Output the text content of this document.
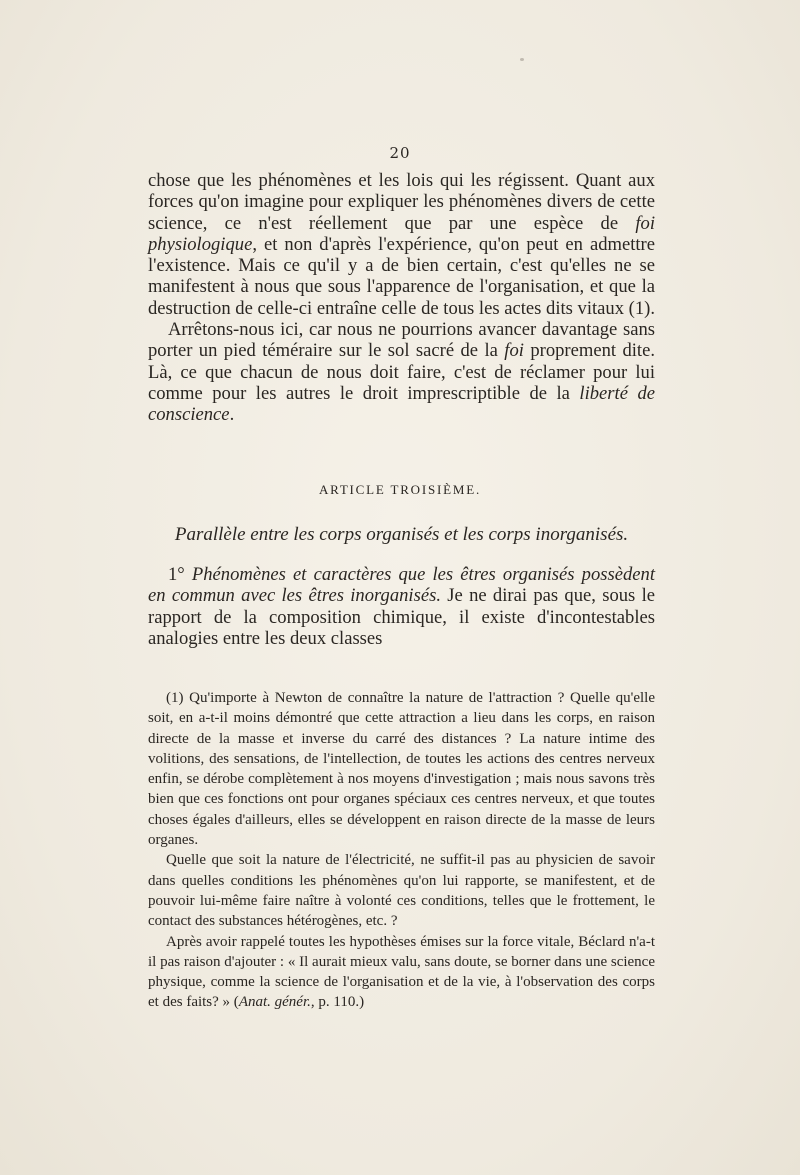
20

chose que les phénomènes et les lois qui les régissent. Quant aux forces qu'on imagine pour expliquer les phénomènes divers de cette science, ce n'est réellement que par une espèce de foi physiologique, et non d'après l'expérience, qu'on peut en admettre l'existence. Mais ce qu'il y a de bien certain, c'est qu'elles ne se manifestent à nous que sous l'apparence de l'organisation, et que la destruction de celle-ci entraîne celle de tous les actes dits vitaux (1).

Arrêtons-nous ici, car nous ne pourrions avancer davantage sans porter un pied téméraire sur le sol sacré de la foi proprement dite. Là, ce que chacun de nous doit faire, c'est de réclamer pour lui comme pour les autres le droit imprescriptible de la liberté de conscience.

ARTICLE TROISIÈME.
Parallèle entre les corps organisés et les corps inorganisés.

1° Phénomènes et caractères que les êtres organisés possèdent en commun avec les êtres inorganisés. Je ne dirai pas que, sous le rapport de la composition chimique, il existe d'incontestables analogies entre les deux classes

(1) Qu'importe à Newton de connaître la nature de l'attraction ? Quelle qu'elle soit, en a-t-il moins démontré que cette attraction a lieu dans les corps, en raison directe de la masse et inverse du carré des distances ? La nature intime des volitions, des sensations, de l'intellection, de toutes les actions des centres nerveux enfin, se dérobe complètement à nos moyens d'investigation ; mais nous savons très bien que ces fonctions ont pour organes spéciaux ces centres nerveux, et que toutes choses égales d'ailleurs, elles se développent en raison directe de la masse de leurs organes.

Quelle que soit la nature de l'électricité, ne suffit-il pas au physicien de savoir dans quelles conditions les phénomènes qu'on lui rapporte, se manifestent, et de pouvoir lui-même faire naître à volonté ces conditions, telles que le frottement, le contact des substances hétérogènes, etc. ?

Après avoir rappelé toutes les hypothèses émises sur la force vitale, Béclard n'a-t il pas raison d'ajouter : « Il aurait mieux valu, sans doute, se borner dans une science physique, comme la science de l'organisation et de la vie, à l'observation des corps et des faits? » (Anat. génér., p. 110.)
